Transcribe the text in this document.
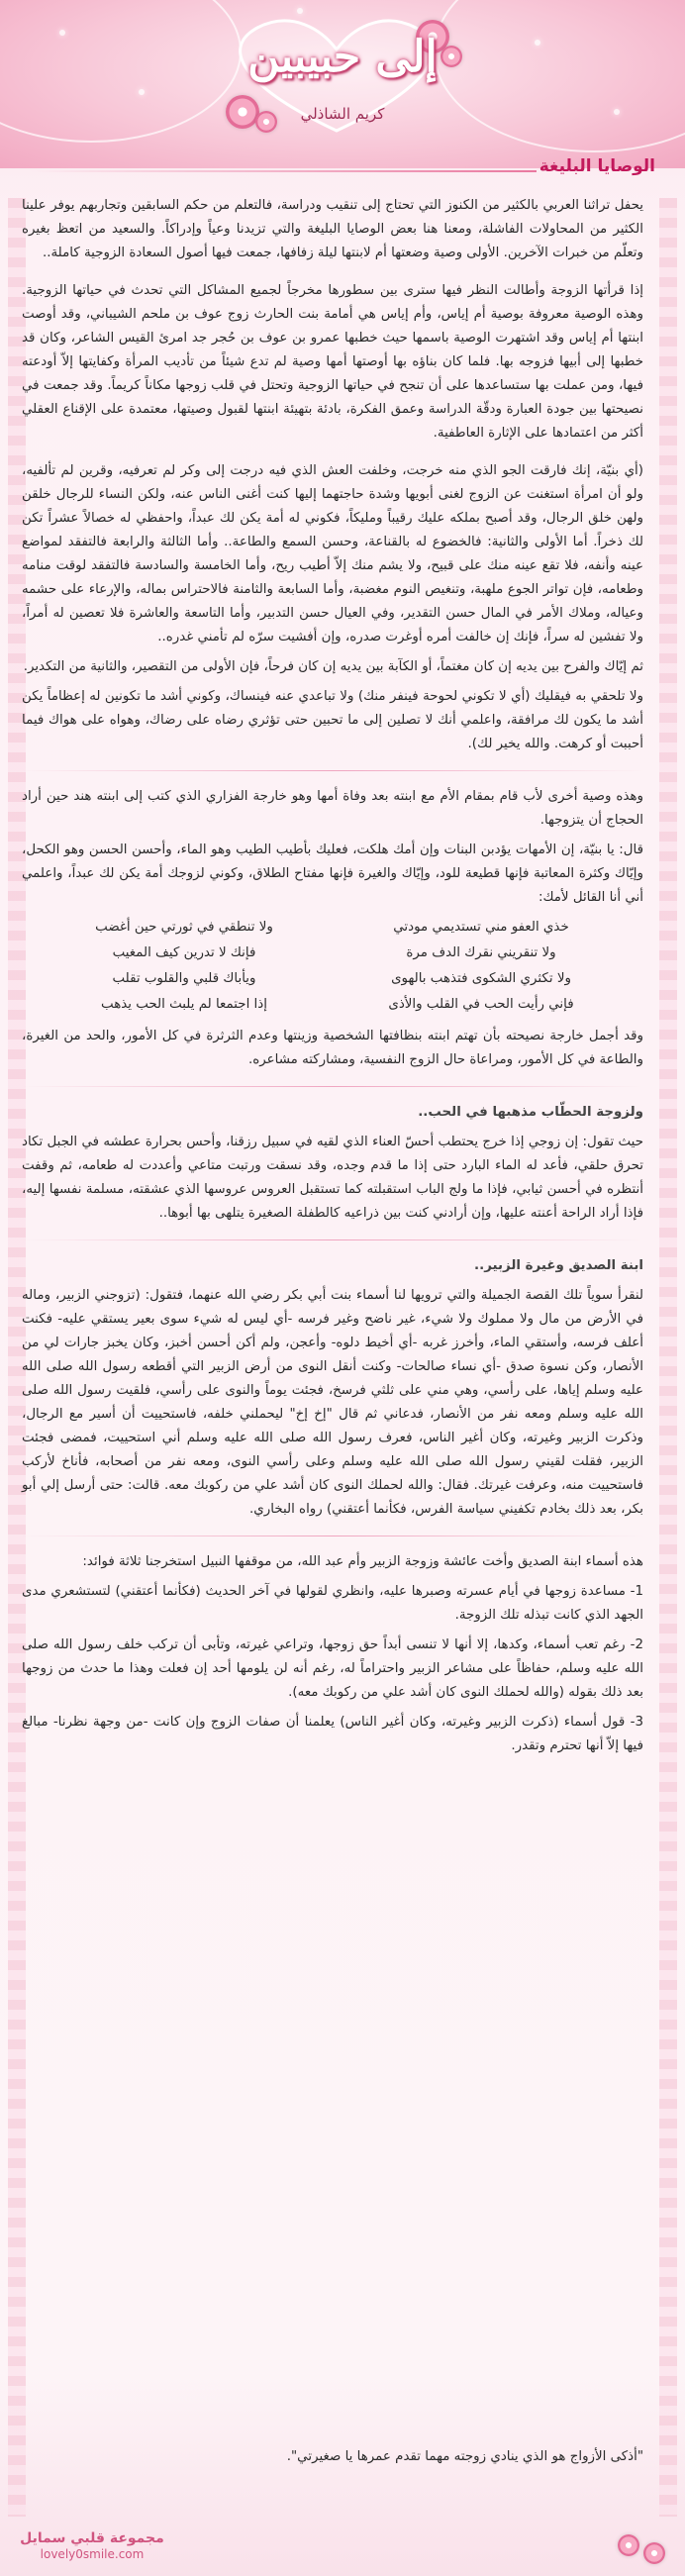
إلى حبيبين
كريم الشاذلي
الوصايا البليغة

يحفل تراثنا العربي بالكثير من الكنوز التي تحتاج إلى تنقيب ودراسة، فالتعلم من حكم السابقين وتجاربهم يوفر علينا الكثير من المحاولات الفاشلة، ومعنا هنا بعض الوصايا البليغة والتي تزيدنا وعياً وإدراكاً. والسعيد من اتعظ بغيره وتعلّم من خبرات الآخرين. الأولى وصية وضعتها أم لابنتها ليلة زفافها، جمعت فيها أصول السعادة الزوجية كاملة..

إذا قرأتها الزوجة وأطالت النظر فيها سترى بين سطورها مخرجاً لجميع المشاكل التي تحدث في حياتها الزوجية. وهذه الوصية معروفة بوصية أم إياس، وأم إياس هي أمامة بنت الحارث زوج عوف بن ملحم الشيباني، وقد أوصت ابنتها أم إياس وقد اشتهرت الوصية باسمها حيث خطبها عمرو بن عوف بن حُجر جد امرئ القيس الشاعر، وكان قد خطبها إلى أبيها فزوجه بها. فلما كان بناؤه بها أوصتها أمها وصية لم تدع شيئاً من تأديب المرأة وكفايتها إلاّ أودعته فيها، ومن عملت بها ستساعدها على أن تنجح في حياتها الزوجية وتحتل في قلب زوجها مكاناً كريماً. وقد جمعت في نصيحتها بين جودة العبارة ودقّة الدراسة وعمق الفكرة، بادئة بتهيئة ابنتها لقبول وصيتها، معتمدة على الإقناع العقلي أكثر من اعتمادها على الإثارة العاطفية.

(أي بنيّة، إنك فارقت الجو الذي منه خرجت، وخلفت العش الذي فيه درجت إلى وكر لم تعرفيه، وقرين لم تألفيه، ولو أن امرأة استغنت عن الزوج لغنى أبويها وشدة حاجتهما إليها كنت أغنى الناس عنه، ولكن النساء للرجال خلقن ولهن خلق الرجال، وقد أصبح بملكه عليك رقيباً ومليكاً، فكوني له أمة يكن لك عبداً، واحفظي له خصالاً عشراً تكن لك ذخراً. أما الأولى والثانية: فالخضوع له بالقناعة، وحسن السمع والطاعة.. وأما الثالثة والرابعة فالتفقد لمواضع عينه وأنفه، فلا تقع عينه منك على قبيح، ولا يشم منك إلاّ أطيب ريح، وأما الخامسة والسادسة فالتفقد لوقت منامه وطعامه، فإن تواتر الجوع ملهبة، وتنغيص النوم مغضبة، وأما السابعة والثامنة فالاحتراس بماله، والإرعاء على حشمه وعياله، وملاك الأمر في المال حسن التقدير، وفي العيال حسن التدبير، وأما التاسعة والعاشرة فلا تعصين له أمراً، ولا تفشين له سراً، فإنك إن خالفت أمره أوغرت صدره، وإن أفشيت سرّه لم تأمني غدره..

ثم إيّاك والفرح بين يديه إن كان مغتماً، أو الكآبة بين يديه إن كان فرحاً، فإن الأولى من التقصير، والثانية من التكدير.

ولا تلحقي به فيقليك (أي لا تكوني لحوحة فينفر منك) ولا تباعدي عنه فينساك، وكوني أشد ما تكونين له إعظاماً يكن أشد ما يكون لك مرافقة، واعلمي أنك لا تصلين إلى ما تحبين حتى تؤثري رضاه على رضاك، وهواه على هواك فيما أحببت أو كرهت. والله يخير لك).

وهذه وصية أخرى لأب قام بمقام الأم مع ابنته بعد وفاة أمها وهو خارجة الفزاري الذي كتب إلى ابنته هند حين أراد الحجاج أن يتزوجها.

قال: يا بنيّة، إن الأمهات يؤدبن البنات وإن أمك هلكت، فعليك بأطيب الطيب وهو الماء، وأحسن الحسن وهو الكحل، وإيّاك وكثرة المعاتبة فإنها قطيعة للود، وإيّاك والغيرة فإنها مفتاح الطلاق، وكوني لزوجك أمة يكن لك عبداً، واعلمي أني أنا القائل لأمك:

خذي العفو مني تستديمي مودتي
ولا تنطقي في ثورتي حين أغضب
ولا تنقريني نقرك الدف مرة
فإنك لا تدرين كيف المغيب
ولا تكثري الشكوى فتذهب بالهوى
ويأباك قلبي والقلوب تقلب
فإني رأيت الحب في القلب والأذى
إذا اجتمعا لم يلبث الحب يذهب

وقد أجمل خارجة نصيحته بأن تهتم ابنته بنظافتها الشخصية وزينتها وعدم الثرثرة في كل الأمور، والحد من الغيرة، والطاعة في كل الأمور، ومراعاة حال الزوج النفسية، ومشاركته مشاعره.

ولزوجة الحطّاب مذهبها في الحب..

حيث تقول: إن زوجي إذا خرج يحتطب أحسّ العناء الذي لقيه في سبيل رزقنا، وأحس بحرارة عطشه في الجبل تكاد تحرق حلقي، فأعد له الماء البارد حتى إذا ما قدم وجده، وقد نسقت ورتبت متاعي وأعددت له طعامه، ثم وقفت أنتظره في أحسن ثيابي، فإذا ما ولج الباب استقبلته كما تستقبل العروس عروسها الذي عشقته، مسلمة نفسها إليه، فإذا أراد الراحة أعنته عليها، وإن أرادني كنت بين ذراعيه كالطفلة الصغيرة يتلهى بها أبوها..

ابنة الصديق وغيرة الزبير..

لنقرأ سوياً تلك القصة الجميلة والتي ترويها لنا أسماء بنت أبي بكر رضي الله عنهما، فتقول: (تزوجني الزبير، وماله في الأرض من مال ولا مملوك ولا شيء، غير ناضح وغير فرسه -أي ليس له شيء سوى بعير يستقي عليه- فكنت أعلف فرسه، وأستقي الماء، وأخرز غربه -أي أخيط دلوه- وأعجن، ولم أكن أحسن أخبز، وكان يخبز جارات لي من الأنصار، وكن نسوة صدق -أي نساء صالحات- وكنت أنقل النوى من أرض الزبير التي أقطعه رسول الله صلى الله عليه وسلم إياها، على رأسي، وهي مني على ثلثي فرسخ، فجئت يوماً والنوى على رأسي، فلقيت رسول الله صلى الله عليه وسلم ومعه نفر من الأنصار، فدعاني ثم قال "إخ إخ" ليحملني خلفه، فاستحييت أن أسير مع الرجال، وذكرت الزبير وغيرته، وكان أغير الناس، فعرف رسول الله صلى الله عليه وسلم أني استحييت، فمضى فجئت الزبير، فقلت لقيني رسول الله صلى الله عليه وسلم وعلى رأسي النوى، ومعه نفر من أصحابه، فأناخ لأركب فاستحييت منه، وعرفت غيرتك. فقال: والله لحملك النوى كان أشد علي من ركوبك معه. قالت: حتى أرسل إلي أبو بكر، بعد ذلك بخادم تكفيني سياسة الفرس، فكأنما أعتقني) رواه البخاري.

هذه أسماء ابنة الصديق وأخت عائشة وزوجة الزبير وأم عبد الله، من موقفها النبيل استخرجنا ثلاثة فوائد:

1- مساعدة زوجها في أيام عسرته وصبرها عليه، وانظري لقولها في آخر الحديث (فكأنما أعتقني) لتستشعري مدى الجهد الذي كانت تبذله تلك الزوجة.

2- رغم تعب أسماء، وكدها، إلا أنها لا تنسى أبداً حق زوجها، وتراعي غيرته، وتأبى أن تركب خلف رسول الله صلى الله عليه وسلم، حفاظاً على مشاعر الزبير واحتراماً له، رغم أنه لن يلومها أحد إن فعلت وهذا ما حدث من زوجها بعد ذلك بقوله (والله لحملك النوى كان أشد علي من ركوبك معه).

3- قول أسماء (ذكرت الزبير وغيرته، وكان أغير الناس) يعلمنا أن صفات الزوج وإن كانت -من وجهة نظرنا- مبالغ فيها إلاّ أنها تحترم وتقدر.

"أذكى الأزواج هو الذي ينادي زوجته مهما تقدم عمرها يا صغيرتي".
مجموعة قلبي سمايل
lovely0smile.com
